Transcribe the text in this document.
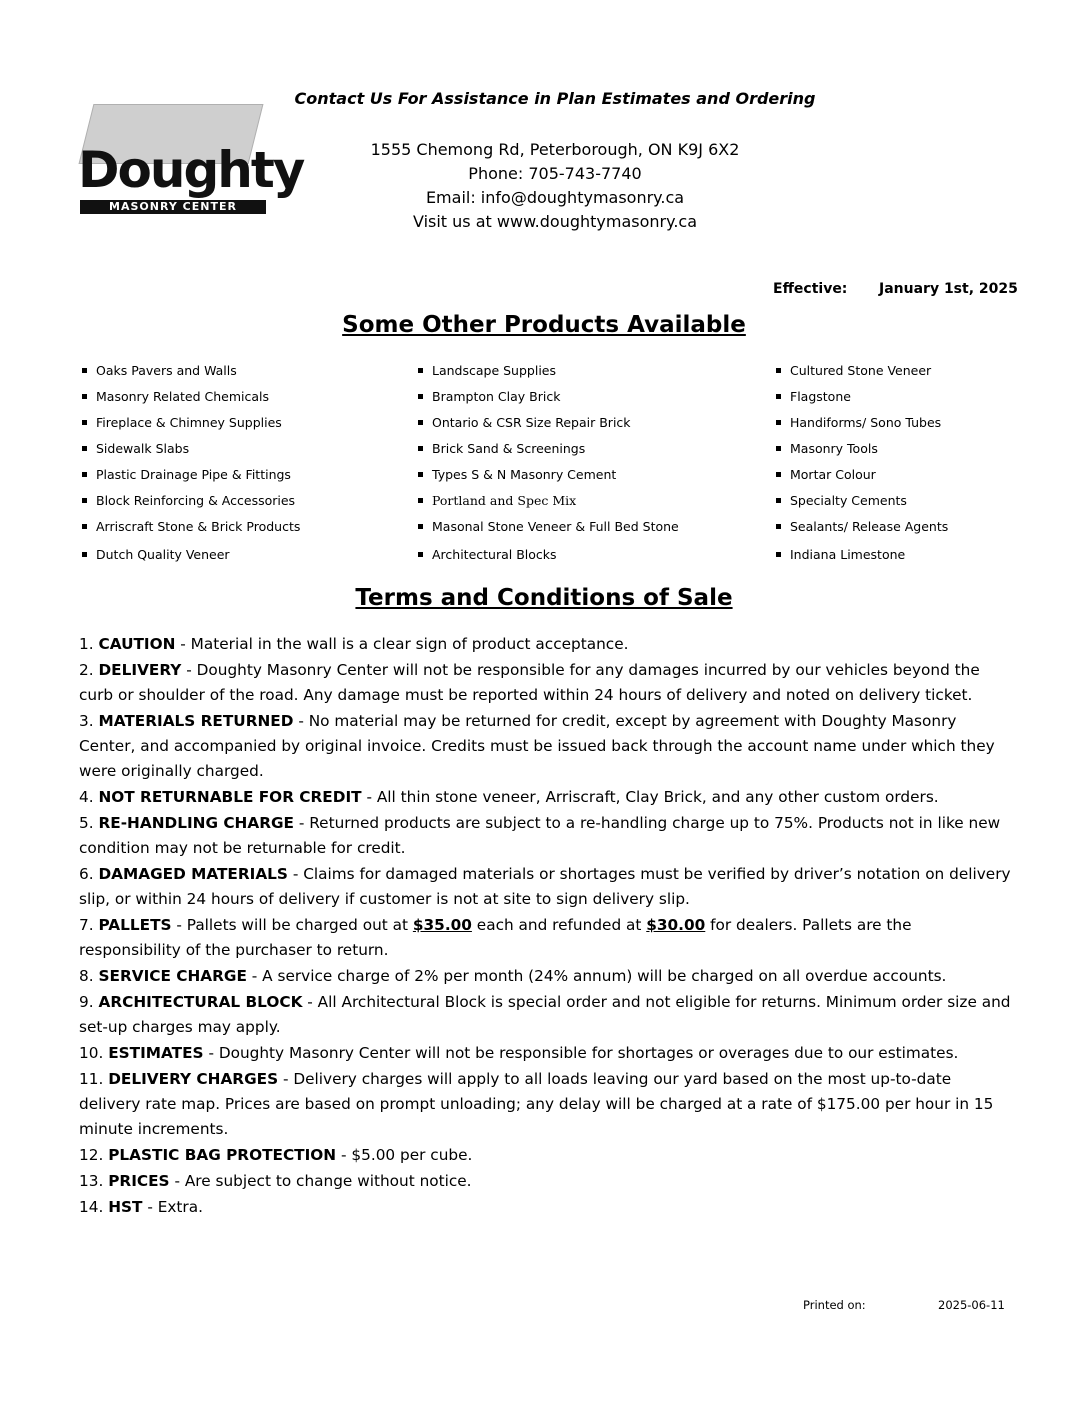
Doughty
MASONRY CENTER
Contact Us For Assistance in Plan Estimates and Ordering
1555 Chemong Rd, Peterborough, ON K9J 6X2
Phone: 705-743-7740
Email: info@doughtymasonry.ca
Visit us at www.doughtymasonry.ca
Effective: January 1st, 2025
Some Other Products Available
Oaks Pavers and Walls
Masonry Related Chemicals
Fireplace & Chimney Supplies
Sidewalk Slabs
Plastic Drainage Pipe & Fittings
Block Reinforcing & Accessories
Arriscraft Stone & Brick Products
Dutch Quality Veneer
Landscape Supplies
Brampton Clay Brick
Ontario & CSR Size Repair Brick
Brick Sand & Screenings
Types S & N Masonry Cement
Portland and Spec Mix
Masonal Stone Veneer & Full Bed Stone
Architectural Blocks
Cultured Stone Veneer
Flagstone
Handiforms/ Sono Tubes
Masonry Tools
Mortar Colour
Specialty Cements
Sealants/ Release Agents
Indiana Limestone
Terms and Conditions of Sale
1. CAUTION - Material in the wall is a clear sign of product acceptance.
2. DELIVERY - Doughty Masonry Center will not be responsible for any damages incurred by our vehicles beyond the curb or shoulder of the road. Any damage must be reported within 24 hours of delivery and noted on delivery ticket.
3. MATERIALS RETURNED - No material may be returned for credit, except by agreement with Doughty Masonry Center, and accompanied by original invoice. Credits must be issued back through the account name under which they were originally charged.
4. NOT RETURNABLE FOR CREDIT - All thin stone veneer, Arriscraft, Clay Brick, and any other custom orders.
5. RE-HANDLING CHARGE - Returned products are subject to a re-handling charge up to 75%. Products not in like new condition may not be returnable for credit.
6. DAMAGED MATERIALS - Claims for damaged materials or shortages must be verified by driver’s notation on delivery slip, or within 24 hours of delivery if customer is not at site to sign delivery slip.
7. PALLETS - Pallets will be charged out at $35.00 each and refunded at $30.00 for dealers. Pallets are the responsibility of the purchaser to return.
8. SERVICE CHARGE - A service charge of 2% per month (24% annum) will be charged on all overdue accounts.
9. ARCHITECTURAL BLOCK - All Architectural Block is special order and not eligible for returns. Minimum order size and set-up charges may apply.
10. ESTIMATES - Doughty Masonry Center will not be responsible for shortages or overages due to our estimates.
11. DELIVERY CHARGES - Delivery charges will apply to all loads leaving our yard based on the most up-to-date delivery rate map. Prices are based on prompt unloading; any delay will be charged at a rate of $175.00 per hour in 15 minute increments.
12. PLASTIC BAG PROTECTION - $5.00 per cube.
13. PRICES - Are subject to change without notice.
14. HST - Extra.
Printed on:	2025-06-11
